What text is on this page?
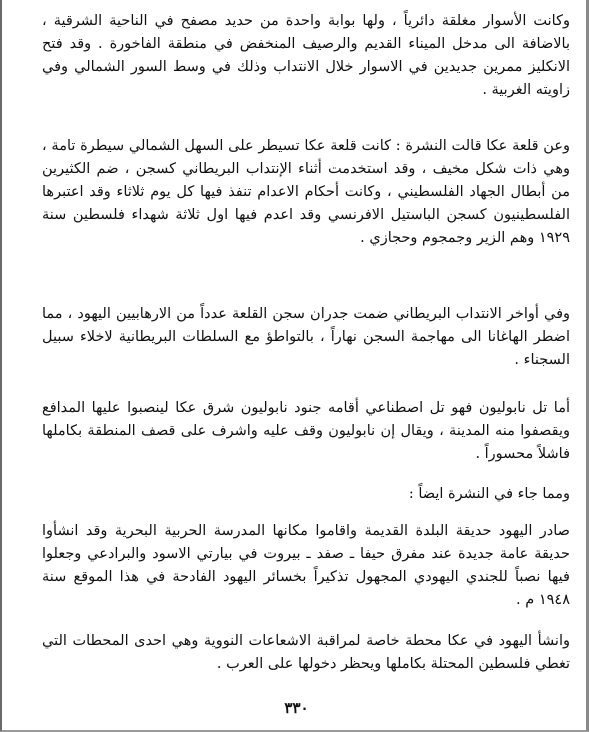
وكانت الأسوار مغلقة دائرياً ، ولها بوابة واحدة من حديد مصفح في الناحية الشرقية ، بالاضافة الى مدخل الميناء القديم والرصيف المنخفض في منطقة الفاخورة . وقد فتح الانكليز ممرين جديدين في الاسوار خلال الانتداب وذلك في وسط السور الشمالي وفي زاويته الغربية .

وعن قلعة عكا قالت النشرة : كانت قلعة عكا تسيطر على السهل الشمالي سيطرة تامة ، وهي ذات شكل مخيف ، وقد استخدمت أثناء الإنتداب البريطاني كسجن ، ضم الكثيرين من أبطال الجهاد الفلسطيني ، وكانت أحكام الاعدام تنفذ فيها كل يوم ثلاثاء وقد اعتبرها الفلسطينيون كسجن الباستيل الافرنسي وقد اعدم فيها اول ثلاثة شهداء فلسطين سنة ١٩٢٩ وهم الزير وجمجوم وحجازي .

وفي أواخر الانتداب البريطاني ضمت جدران سجن القلعة عدداً من الارهابيين اليهود ، مما اضطر الهاغانا الى مهاجمة السجن نهاراً ، بالتواطؤ مع السلطات البريطانية لاخلاء سبيل السجناء .

أما تل نابوليون فهو تل اصطناعي أقامه جنود نابوليون شرق عكا لينصبوا عليها المدافع ويقصفوا منه المدينة ، ويقال إن نابوليون وقف عليه واشرف على قصف المنطقة بكاملها فاشلاً محسوراً .

ومما جاء في النشرة ايضاً :

صادر اليهود حديقة البلدة القديمة واقاموا مكانها المدرسة الحربية البحرية وقد انشأوا حديقة عامة جديدة عند مفرق حيفا ـ صفد ـ بيروت في بيارتي الاسود والبرادعي وجعلوا فيها نصباً للجندي اليهودي المجهول تذكيراً بخسائر اليهود الفادحة في هذا الموقع سنة ١٩٤٨ م .

وانشأ اليهود في عكا محطة خاصة لمراقبة الاشعاعات النووية وهي احدى المحطات التي تغطي فلسطين المحتلة بكاملها ويحظر دخولها على العرب .

٣٣٠
